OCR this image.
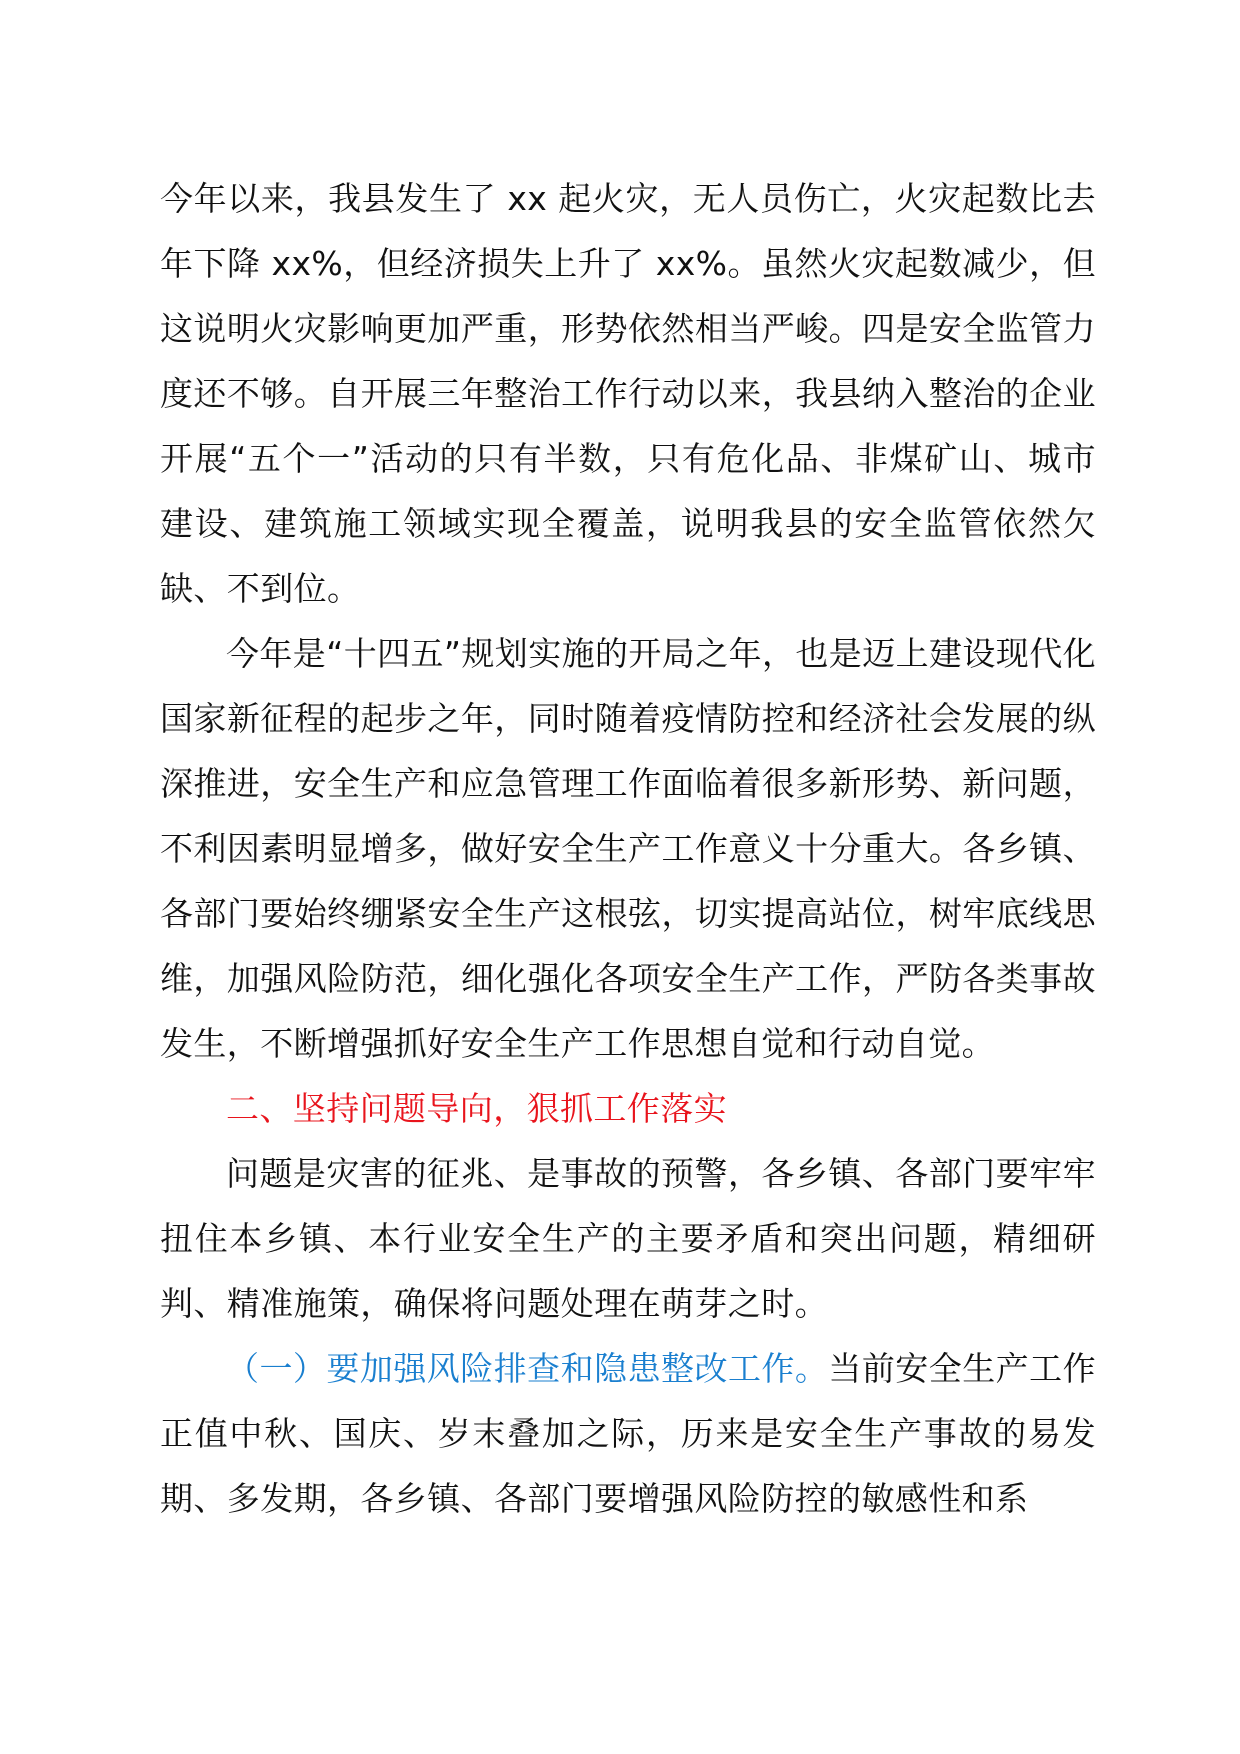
今年以来，我县发生了 xx 起火灾，无人员伤亡，火灾起数比去年下降 xx%，但经济损失上升了 xx%。虽然火灾起数减少，但这说明火灾影响更加严重，形势依然相当严峻。四是安全监管力度还不够。自开展三年整治工作行动以来，我县纳入整治的企业开展“五个一”活动的只有半数，只有危化品、非煤矿山、城市建设、建筑施工领域实现全覆盖，说明我县的安全监管依然欠缺、不到位。

今年是“十四五”规划实施的开局之年，也是迈上建设现代化国家新征程的起步之年，同时随着疫情防控和经济社会发展的纵深推进，安全生产和应急管理工作面临着很多新形势、新问题，不利因素明显增多，做好安全生产工作意义十分重大。各乡镇、各部门要始终绷紧安全生产这根弦，切实提高站位，树牢底线思维，加强风险防范，细化强化各项安全生产工作，严防各类事故发生，不断增强抓好安全生产工作思想自觉和行动自觉。

二、坚持问题导向，狠抓工作落实

问题是灾害的征兆、是事故的预警，各乡镇、各部门要牢牢扭住本乡镇、本行业安全生产的主要矛盾和突出问题，精细研判、精准施策，确保将问题处理在萌芽之时。

（一）要加强风险排查和隐患整改工作。当前安全生产工作正值中秋、国庆、岁末叠加之际，历来是安全生产事故的易发期、多发期，各乡镇、各部门要增强风险防控的敏感性和系
